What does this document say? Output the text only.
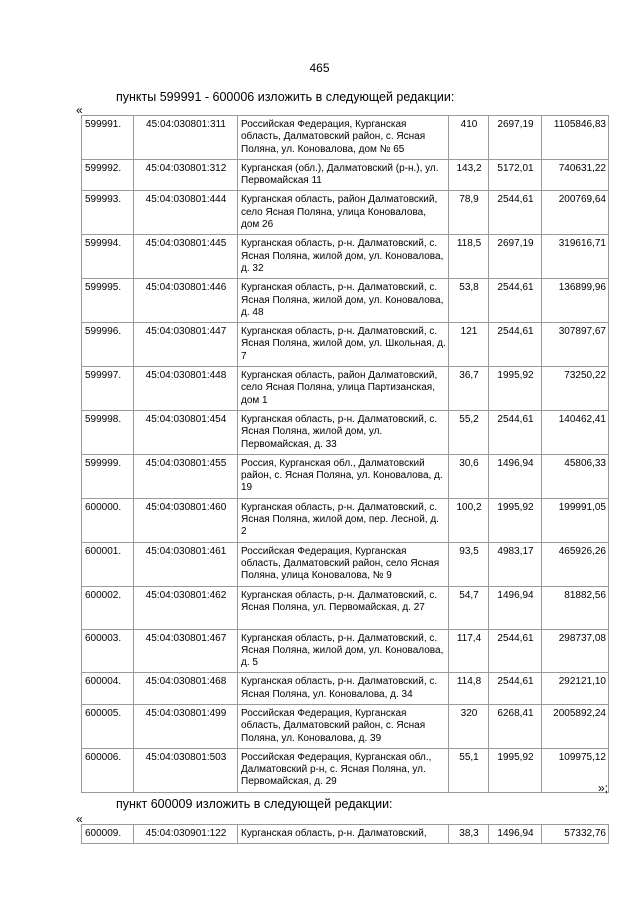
465
пункты 599991 - 600006 изложить в следующей редакции:
«
599991.	45:04:030801:311	Российская Федерация, Курганская область, Далматовский район, с. Ясная Поляна, ул. Коновалова, дом № 65	410	2697,19	1105846,83
599992.	45:04:030801:312	Курганская (обл.), Далматовский (р-н.), ул. Первомайская 11	143,2	5172,01	740631,22
599993.	45:04:030801:444	Курганская область, район Далматовский, село Ясная Поляна, улица Коновалова, дом 26	78,9	2544,61	200769,64
599994.	45:04:030801:445	Курганская область, р-н. Далматовский, с. Ясная Поляна, жилой дом, ул. Коновалова, д. 32	118,5	2697,19	319616,71
599995.	45:04:030801:446	Курганская область, р-н. Далматовский, с. Ясная Поляна, жилой дом, ул. Коновалова, д. 48	53,8	2544,61	136899,96
599996.	45:04:030801:447	Курганская область, р-н. Далматовский, с. Ясная Поляна, жилой дом, ул. Школьная, д. 7	121	2544,61	307897,67
599997.	45:04:030801:448	Курганская область, район Далматовский, село Ясная Поляна, улица Партизанская, дом 1	36,7	1995,92	73250,22
599998.	45:04:030801:454	Курганская область, р-н. Далматовский, с. Ясная Поляна, жилой дом, ул. Первомайская, д. 33	55,2	2544,61	140462,41
599999.	45:04:030801:455	Россия, Курганская обл., Далматовский район, с. Ясная Поляна, ул. Коновалова, д. 19	30,6	1496,94	45806,33
600000.	45:04:030801:460	Курганская область, р-н. Далматовский, с. Ясная Поляна, жилой дом, пер. Лесной, д. 2	100,2	1995,92	199991,05
600001.	45:04:030801:461	Российская Федерация, Курганская область, Далматовский район, село Ясная Поляна, улица Коновалова, № 9	93,5	4983,17	465926,26
600002.	45:04:030801:462	Курганская область, р-н. Далматовский, с. Ясная Поляна, ул. Первомайская, д. 27	54,7	1496,94	81882,56
600003.	45:04:030801:467	Курганская область, р-н. Далматовский, с. Ясная Поляна, жилой дом, ул. Коновалова, д. 5	117,4	2544,61	298737,08
600004.	45:04:030801:468	Курганская область, р-н. Далматовский, с. Ясная Поляна, ул. Коновалова, д. 34	114,8	2544,61	292121,10
600005.	45:04:030801:499	Российская Федерация, Курганская область, Далматовский район, с. Ясная Поляна, ул. Коновалова, д. 39	320	6268,41	2005892,24
600006.	45:04:030801:503	Российская Федерация, Курганская обл., Далматовский р-н, с. Ясная Поляна, ул. Первомайская, д. 29	55,1	1995,92	109975,12
»;
пункт 600009 изложить в следующей редакции:
«
600009.	45:04:030901:122	Курганская область, р-н. Далматовский,	38,3	1496,94	57332,76
